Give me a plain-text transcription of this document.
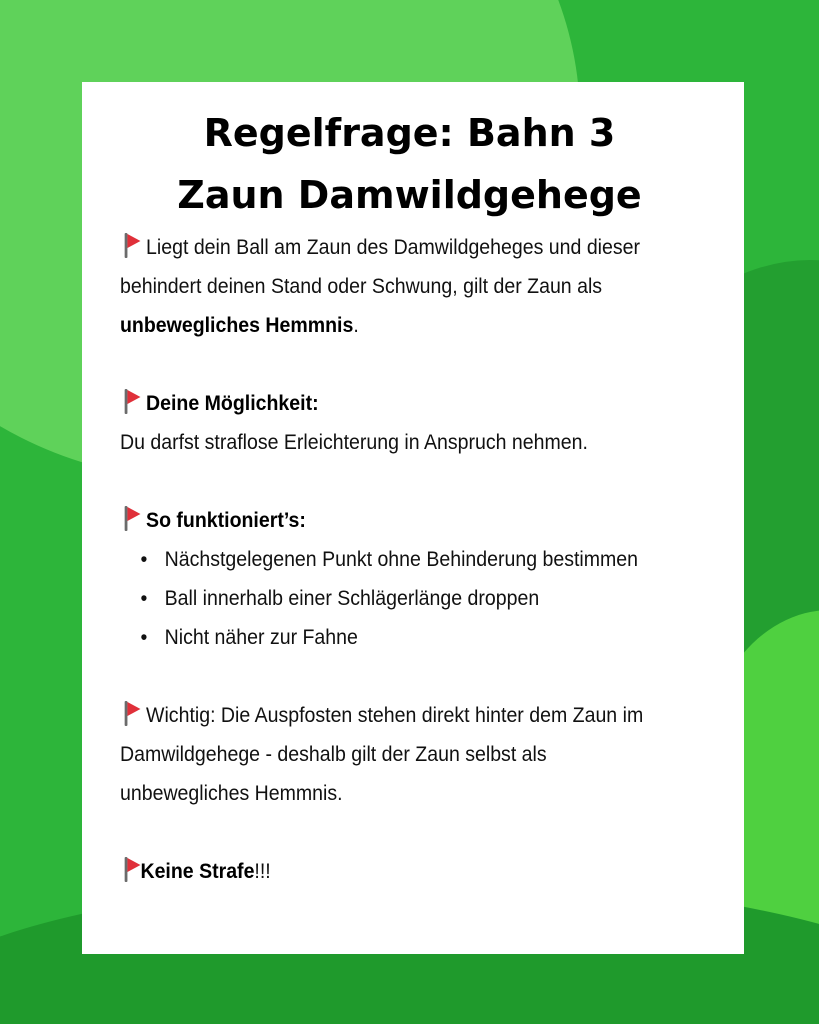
Regelfrage: Bahn 3
Zaun Damwildgehege

Liegt dein Ball am Zaun des Damwildgeheges und dieser behindert deinen Stand oder Schwung, gilt der Zaun als unbewegliches Hemmnis.

Deine Möglichkeit:

Du darfst straflose Erleichterung in Anspruch nehmen.

So funktioniert’s:

• Nächstgelegenen Punkt ohne Behinderung bestimmen
• Ball innerhalb einer Schlägerlänge droppen
• Nicht näher zur Fahne

Wichtig: Die Auspfosten stehen direkt hinter dem Zaun im Damwildgehege - deshalb gilt der Zaun selbst als unbewegliches Hemmnis.

Keine Strafe!!!
